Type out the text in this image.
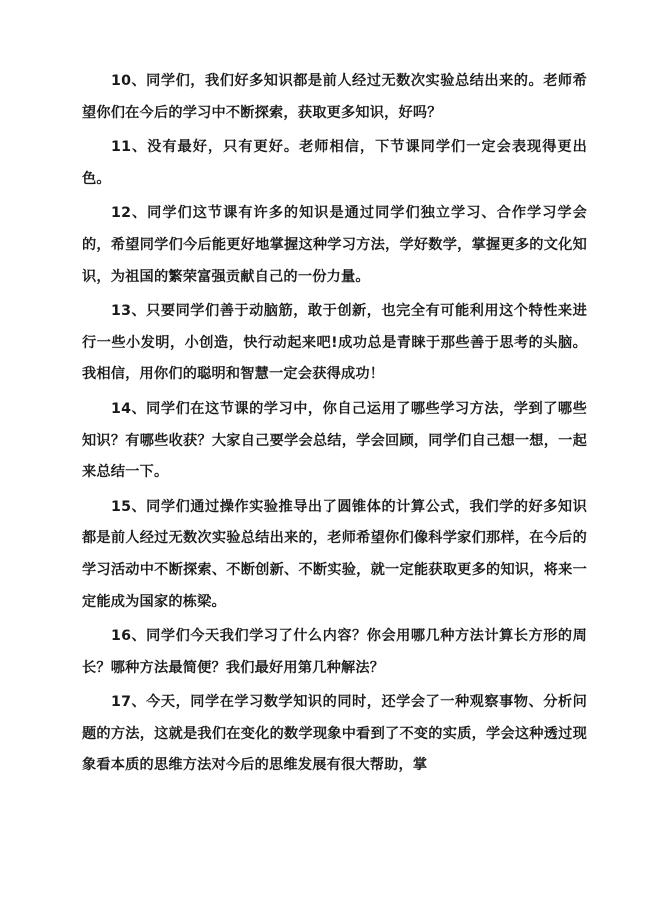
10、同学们，我们好多知识都是前人经过无数次实验总结出来的。老师希望你们在今后的学习中不断探索，获取更多知识，好吗？

11、没有最好，只有更好。老师相信，下节课同学们一定会表现得更出色。

12、同学们这节课有许多的知识是通过同学们独立学习、合作学习学会的，希望同学们今后能更好地掌握这种学习方法，学好数学，掌握更多的文化知识，为祖国的繁荣富强贡献自己的一份力量。

13、只要同学们善于动脑筋，敢于创新，也完全有可能利用这个特性来进行一些小发明，小创造，快行动起来吧!成功总是青睐于那些善于思考的头脑。我相信，用你们的聪明和智慧一定会获得成功！

14、同学们在这节课的学习中，你自己运用了哪些学习方法，学到了哪些知识？有哪些收获？大家自己要学会总结，学会回顾，同学们自己想一想，一起来总结一下。

15、同学们通过操作实验推导出了圆锥体的计算公式，我们学的好多知识都是前人经过无数次实验总结出来的，老师希望你们像科学家们那样，在今后的学习活动中不断探索、不断创新、不断实验，就一定能获取更多的知识，将来一定能成为国家的栋梁。

16、同学们今天我们学习了什么内容？你会用哪几种方法计算长方形的周长？哪种方法最简便？我们最好用第几种解法？

17、今天，同学在学习数学知识的同时，还学会了一种观察事物、分析问题的方法，这就是我们在变化的数学现象中看到了不变的实质，学会这种透过现象看本质的思维方法对今后的思维发展有很大帮助，掌
